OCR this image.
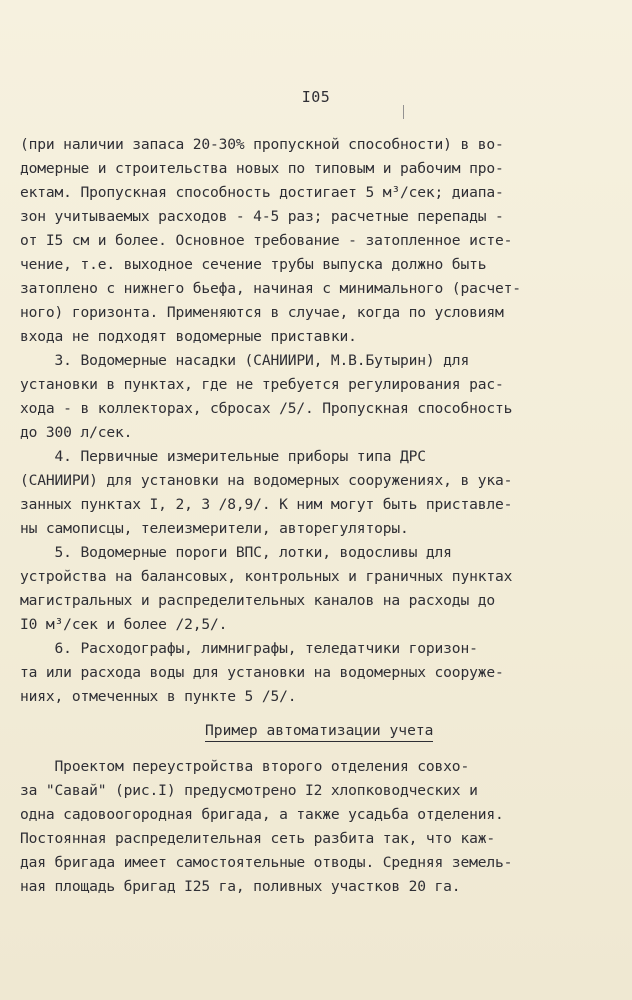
I05
(при наличии запаса 20-30% пропускной способности) в вo-
домерные и строительства новых по типовым и рабочим про-
ектам. Пропускная способность достигает 5 м³/сек; диапа-
зон учитываемых расходов - 4-5 раз; расчетные перепады -
от I5 см и более. Основное требование - затопленное исте-
чение, т.е. выходное сечение трубы выпуска должно быть
затоплено с нижнего бьефа, начиная с минимального (расчет-
ного) горизонта. Применяются в случае, когда по условиям
входа не подходят водомерные приставки.
3. Водомерные насадки (САНИИРИ, М.В.Бутырин) для
установки в пунктах, где не требуется регулирования рас-
хода - в коллекторах, сбросах /5/. Пропускная способность
до 300 л/сек.
4. Первичные измерительные приборы типа ДРС
(САНИИРИ) для установки на водомерных сооружениях, в ука-
занных пунктах I, 2, 3 /8,9/. К ним могут быть приставле-
ны самописцы, телеизмерители, авторегуляторы.
5. Водомерные пороги ВПС, лотки, водосливы для
устройства на балансовых, контрольных и граничных пунктах
магистральных и распределительных каналов на расходы до
I0 м³/сек и более /2,5/.
6. Расходографы, лимниграфы, теледатчики горизон-
та или расхода воды для установки на водомерных сооруже-
ниях, отмеченных в пункте 5 /5/.
Пример автоматизации учета
Проектом переустройства второго отделения совхо-
за "Савай" (рис.I) предусмотрено I2 хлопководческих и
одна садовоогородная бригада, а также усадьба отделения.
Постоянная распределительная сеть разбита так, что каж-
дая бригада имеет самостоятельные отводы. Средняя земель-
ная площадь бригад I25 га, поливных участков 20 га.
